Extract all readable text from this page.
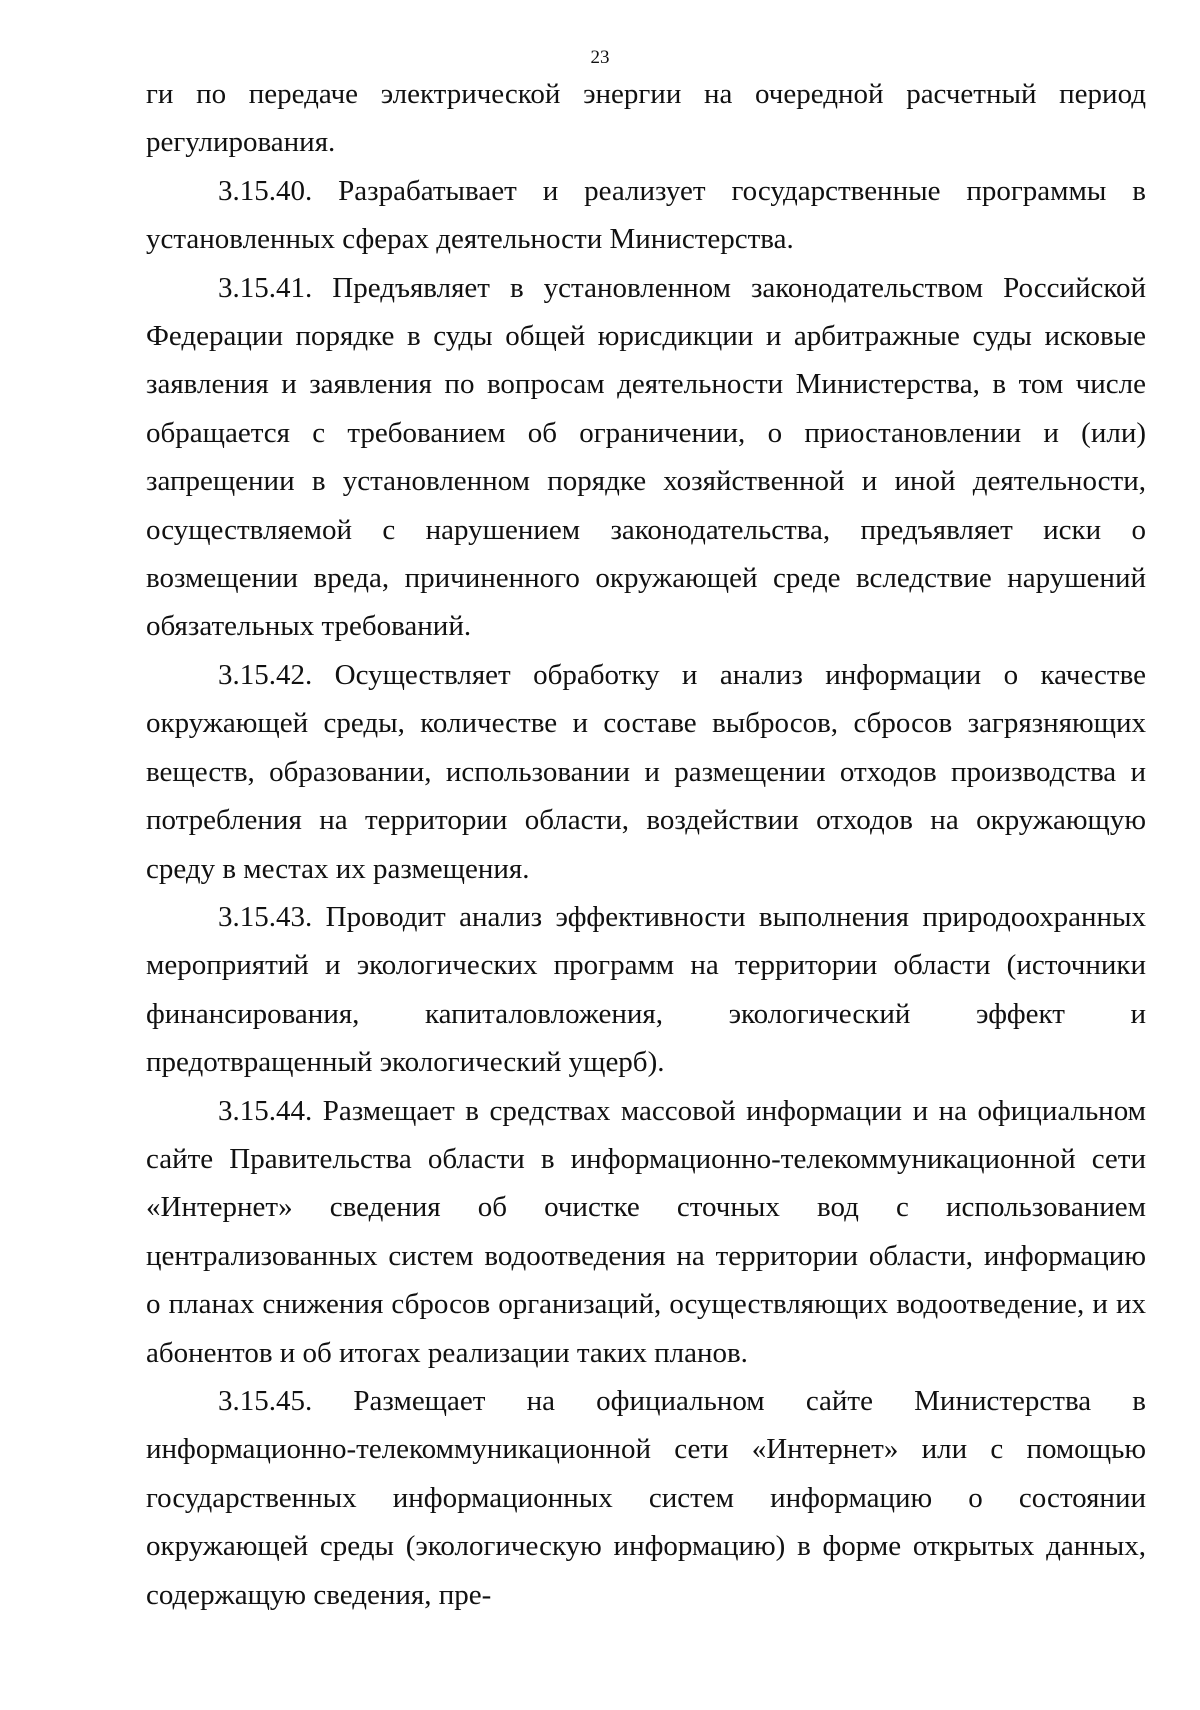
23

ги по передаче электрической энергии на очередной расчетный период регулирования.

3.15.40. Разрабатывает и реализует государственные программы в установленных сферах деятельности Министерства.

3.15.41. Предъявляет в установленном законодательством Российской Федерации порядке в суды общей юрисдикции и арбитражные суды исковые заявления и заявления по вопросам деятельности Министерства, в том числе обращается с требованием об ограничении, о приостановлении и (или) запрещении в установленном порядке хозяйственной и иной деятельности, осуществляемой с нарушением законодательства, предъявляет иски о возмещении вреда, причиненного окружающей среде вследствие нарушений обязательных требований.

3.15.42. Осуществляет обработку и анализ информации о качестве окружающей среды, количестве и составе выбросов, сбросов загрязняющих веществ, образовании, использовании и размещении отходов производства и потребления на территории области, воздействии отходов на окружающую среду в местах их размещения.

3.15.43. Проводит анализ эффективности выполнения природоохранных мероприятий и экологических программ на территории области (источники финансирования, капиталовложения, экологический эффект и предотвращенный экологический ущерб).

3.15.44. Размещает в средствах массовой информации и на официальном сайте Правительства области в информационно-телекоммуникационной сети «Интернет» сведения об очистке сточных вод с использованием централизованных систем водоотведения на территории области, информацию о планах снижения сбросов организаций, осуществляющих водоотведение, и их абонентов и об итогах реализации таких планов.

3.15.45. Размещает на официальном сайте Министерства в информационно-телекоммуникационной сети «Интернет» или с помощью государственных информационных систем информацию о состоянии окружающей среды (экологическую информацию) в форме открытых данных, содержащую сведения, пре-
